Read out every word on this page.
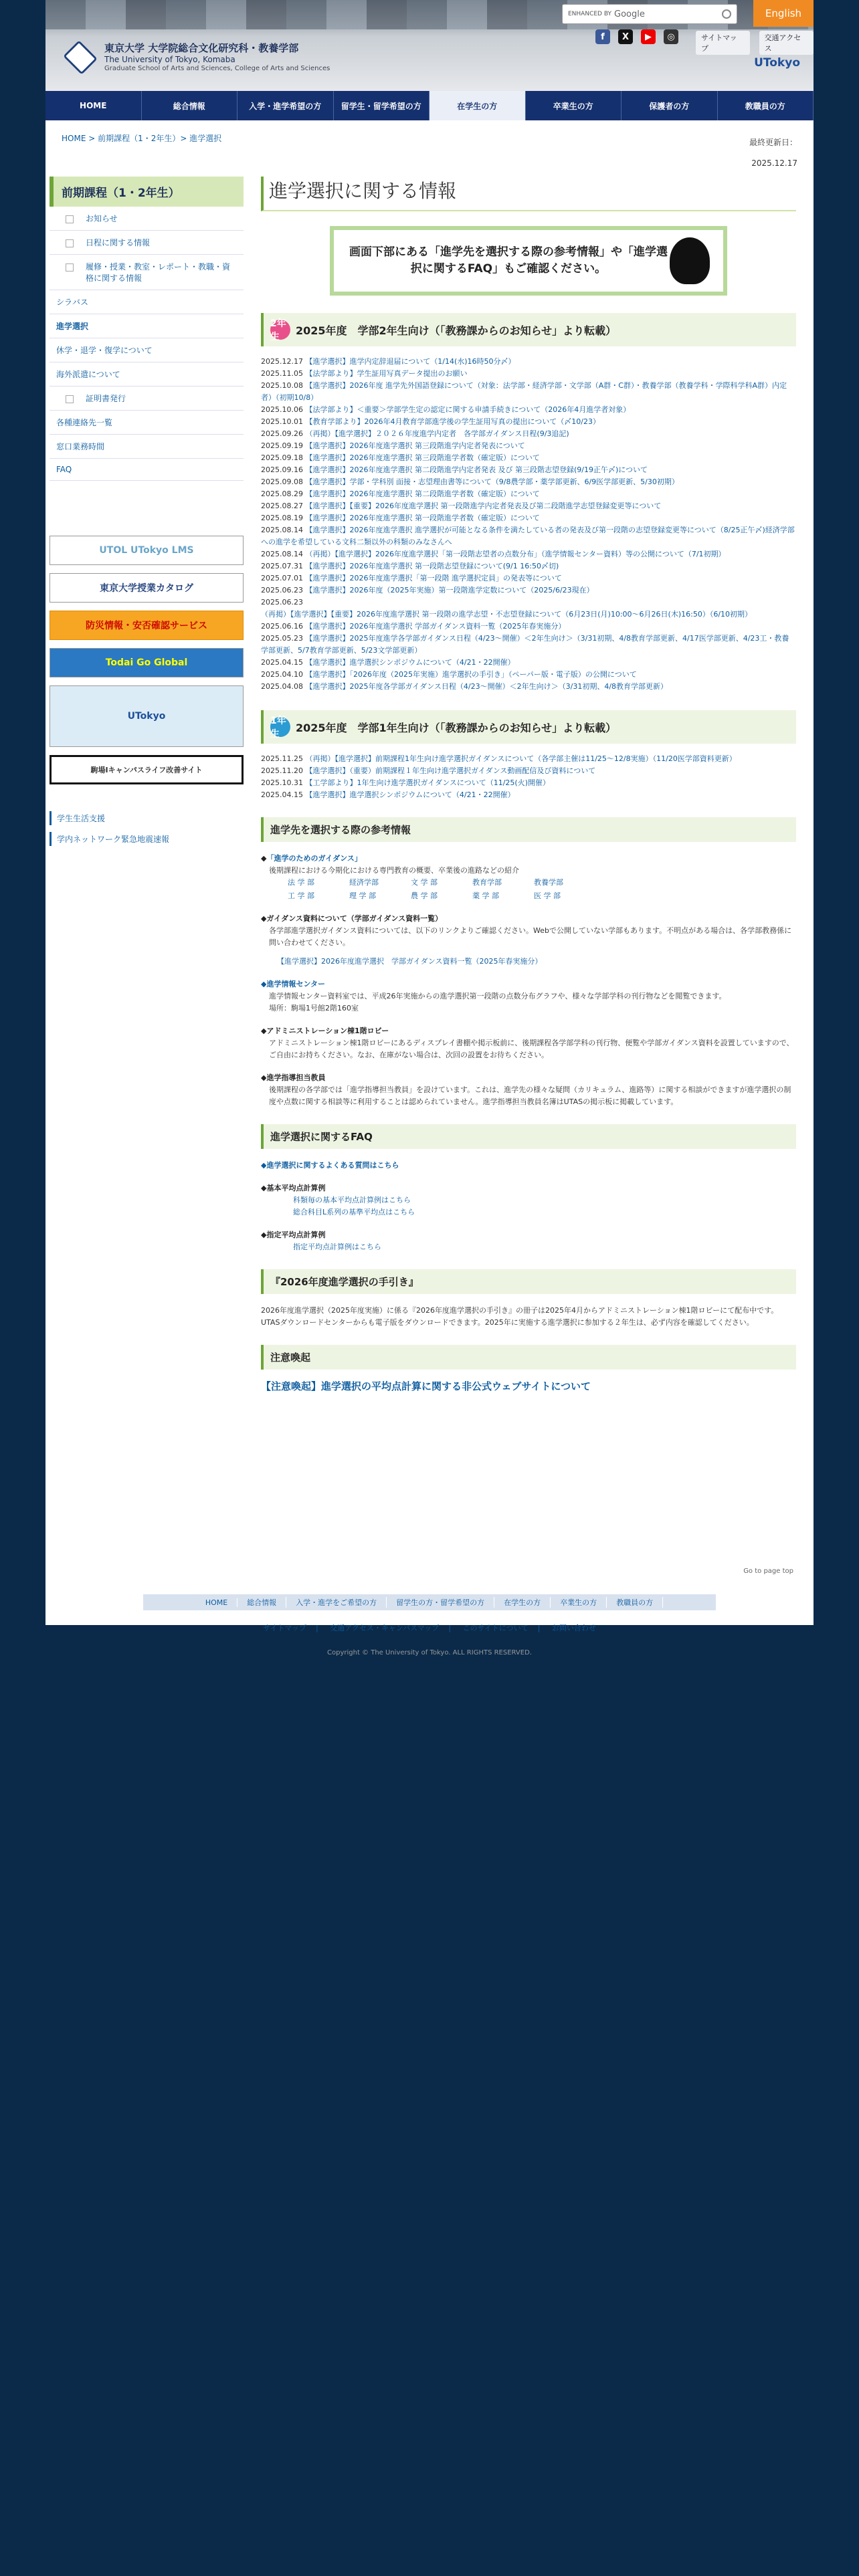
東京大学 大学院総合文化研究科・教養学部
The University of Tokyo, Komaba
Graduate School of Arts and Sciences, College of Arts and Sciences
ENHANCED BY Google	English
f	X	▶	◎	サイトマップ
交通アクセス
UTokyo
HOME	総合情報	入学・進学希望の方	留学生・留学希望の方	在学生の方	卒業生の方	保護者の方	教職員の方
HOME > 前期課程（1・2年生）> 進学選択	最終更新日：
2025.12.17
前期課程（1・2年生）
お知らせ
日程に関する情報
履修・授業・教室・レポート・教職・資格に関する情報
シラバス
進学選択
休学・退学・復学について
海外派遣について
証明書発行
各種連絡先一覧
窓口業務時間
FAQ
UTOL UTokyo LMS
東京大学授業カタログ
防災情報・安否確認サービス
Todai Go Global
UTokyo
駒場Ⅰキャンパスライフ改善サイト
学生生活支援
学内ネットワーク緊急地震速報
進学選択に関する情報
画面下部にある「進学先を選択する際の参考情報」や「進学選択に関するFAQ」もご確認ください。
2年生
2025年度　学部2年生向け（「教務課からのお知らせ」より転載）
2025.12.17 【進学選択】進学内定辞退届について（1/14(水)16時50分〆）
2025.11.05 【法学部より】学生証用写真データ提出のお願い
2025.10.08 【進学選択】2026年度 進学先外国語登録について（対象：法学部・経済学部・文学部（A群・C群）・教養学部（教養学科・学際科学科A群）内定者）（初期10/8）
2025.10.06 【法学部より】＜重要＞学部学生定の認定に関する申請手続きについて（2026年4月進学者対象）
2025.10.01 【教育学部より】2026年4月教育学部進学後の学生証用写真の提出について（〆10/23）
2025.09.26 （再掲）【進学選択】２０２６年度進学内定者　各学部ガイダンス日程(9/3追記)
2025.09.19 【進学選択】2026年度進学選択 第三段階進学内定者発表について
2025.09.18 【進学選択】2026年度進学選択 第三段階進学者数（確定版）について
2025.09.16 【進学選択】2026年度進学選択 第二段階進学内定者発表 及び 第三段階志望登録(9/19正午〆)について
2025.09.08 【進学選択】学部・学科別 面接・志望理由書等について（9/8農学部・薬学部更新、6/9医学部更新、5/30初期）
2025.08.29 【進学選択】2026年度進学選択 第二段階進学者数（確定版）について
2025.08.27 【進学選択】【重要】2026年度進学選択 第一段階進学内定者発表及び第二段階進学志望登録変更等について
2025.08.19 【進学選択】2026年度進学選択 第一段階進学者数（確定版）について
2025.08.14 【進学選択】2026年度進学選択 進学選択が可能となる条件を満たしている者の発表及び第一段階の志望登録変更等について（8/25正午〆)経済学部への進学を希望している文科二類以外の科類のみなさんへ
2025.08.14 （再掲）【進学選択】2026年度進学選択「第一段階志望者の点数分布」（進学情報センター資料）等の公開について（7/1初期）
2025.07.31 【進学選択】2026年度進学選択 第一段階志望登録について(9/1 16:50〆切)
2025.07.01 【進学選択】2026年度進学選択「第一段階 進学選択定員」の発表等について
2025.06.23 【進学選択】2026年度（2025年実施）第一段階進学定数について（2025/6/23現在）
2025.06.23 （再掲）【進学選択】【重要】2026年度進学選択 第一段階の進学志望・不志望登録について（6月23日(月)10:00〜6月26日(木)16:50）（6/10初期）
2025.06.16 【進学選択】2026年度進学選択 学部ガイダンス資料一覧（2025年春実施分）
2025.05.23 【進学選択】2025年度進学各学部ガイダンス日程（4/23〜開催）＜2年生向け＞（3/31初期、4/8教育学部更新、4/17医学部更新、4/23工・教養学部更新、5/7教育学部更新、5/23文学部更新）
2025.04.15 【進学選択】進学選択シンポジウムについて（4/21・22開催）
2025.04.10 【進学選択】「2026年度（2025年実施）進学選択の手引き」（ペーパー版・電子版）の公開について
2025.04.08 【進学選択】2025年度各学部ガイダンス日程（4/23〜開催）＜2年生向け＞（3/31初期、4/8教育学部更新）
1年生
2025年度　学部1年生向け（「教務課からのお知らせ」より転載）
2025.11.25 （再掲）【進学選択】前期課程1年生向け進学選択ガイダンスについて（各学部主催は11/25〜12/8実施）（11/20医学部資料更新）
2025.11.20 【進学選択】（重要）前期課程１年生向け進学選択ガイダンス動画配信及び資料について
2025.10.31 【工学部より】1年生向け進学選択ガイダンスについて（11/25(火)開催）
2025.04.15 【進学選択】進学選択シンポジウムについて（4/21・22開催）
進学先を選択する際の参考情報
◆「進学のためのガイダンス」

後期課程における今期化における専門教育の概要、卒業後の進路などの紹介

法 学 部	経済学部	文 学 部	教育学部	教養学部
工 学 部	理 学 部	農 学 部	薬 学 部	医 学 部
◆ガイダンス資料について（学部ガイダンス資料一覧）

各学部進学選択ガイダンス資料については、以下のリンクよりご確認ください。Webで公開していない学部もあります。不明点がある場合は、各学部教務係に問い合わせてください。

【進学選択】2026年度進学選択　学部ガイダンス資料一覧（2025年春実施分）

◆進学情報センター

進学情報センター資料室では、平成26年実施からの進学選択第一段階の点数分布グラフや、様々な学部学科の刊行物などを閲覧できます。

場所：駒場1号館2階160室

◆アドミニストレーション棟1階ロビー

アドミニストレーション棟1階ロビーにあるディスプレイ書棚や掲示板前に、後期課程各学部学科の刊行物、便覧や学部ガイダンス資料を設置していますので、ご自由にお持ちください。なお、在庫がない場合は、次回の設置をお待ちください。

◆進学指導担当教員

後期課程の各学部では「進学指導担当教員」を設けています。これは、進学先の様々な疑問（カリキュラム、進路等）に関する相談ができますが進学選択の制度や点数に関する相談等に利用することは認められていません。進学指導担当教員名簿はUTASの掲示板に掲載しています。

進学選択に関するFAQ
◆進学選択に関するよくある質問はこちら
◆基本平均点計算例

科類毎の基本平均点計算例はこちら

総合科目L系列の基準平均点はこちら

◆指定平均点計算例

指定平均点計算例はこちら

『2026年度進学選択の手引き』

2026年度進学選択（2025年度実施）に係る『2026年度進学選択の手引き』の冊子は2025年4月からアドミニストレーション棟1階ロビーにて配布中です。UTASダウンロードセンターからも電子版をダウンロードできます。2025年に実施する進学選択に参加する２年生は、必ず内容を確認してください。

注意喚起
【注意喚起】進学選択の平均点計算に関する非公式ウェブサイトについて
Go to page top
HOME	総合情報	入学・進学をご希望の方	留学生の方・留学希望の方	在学生の方	卒業生の方	教職員の方
サイトマップ | 交通アクセス・キャンパスマップ | このサイトについて | お問い合わせ
Copyright © The University of Tokyo. ALL RIGHTS RESERVED.
